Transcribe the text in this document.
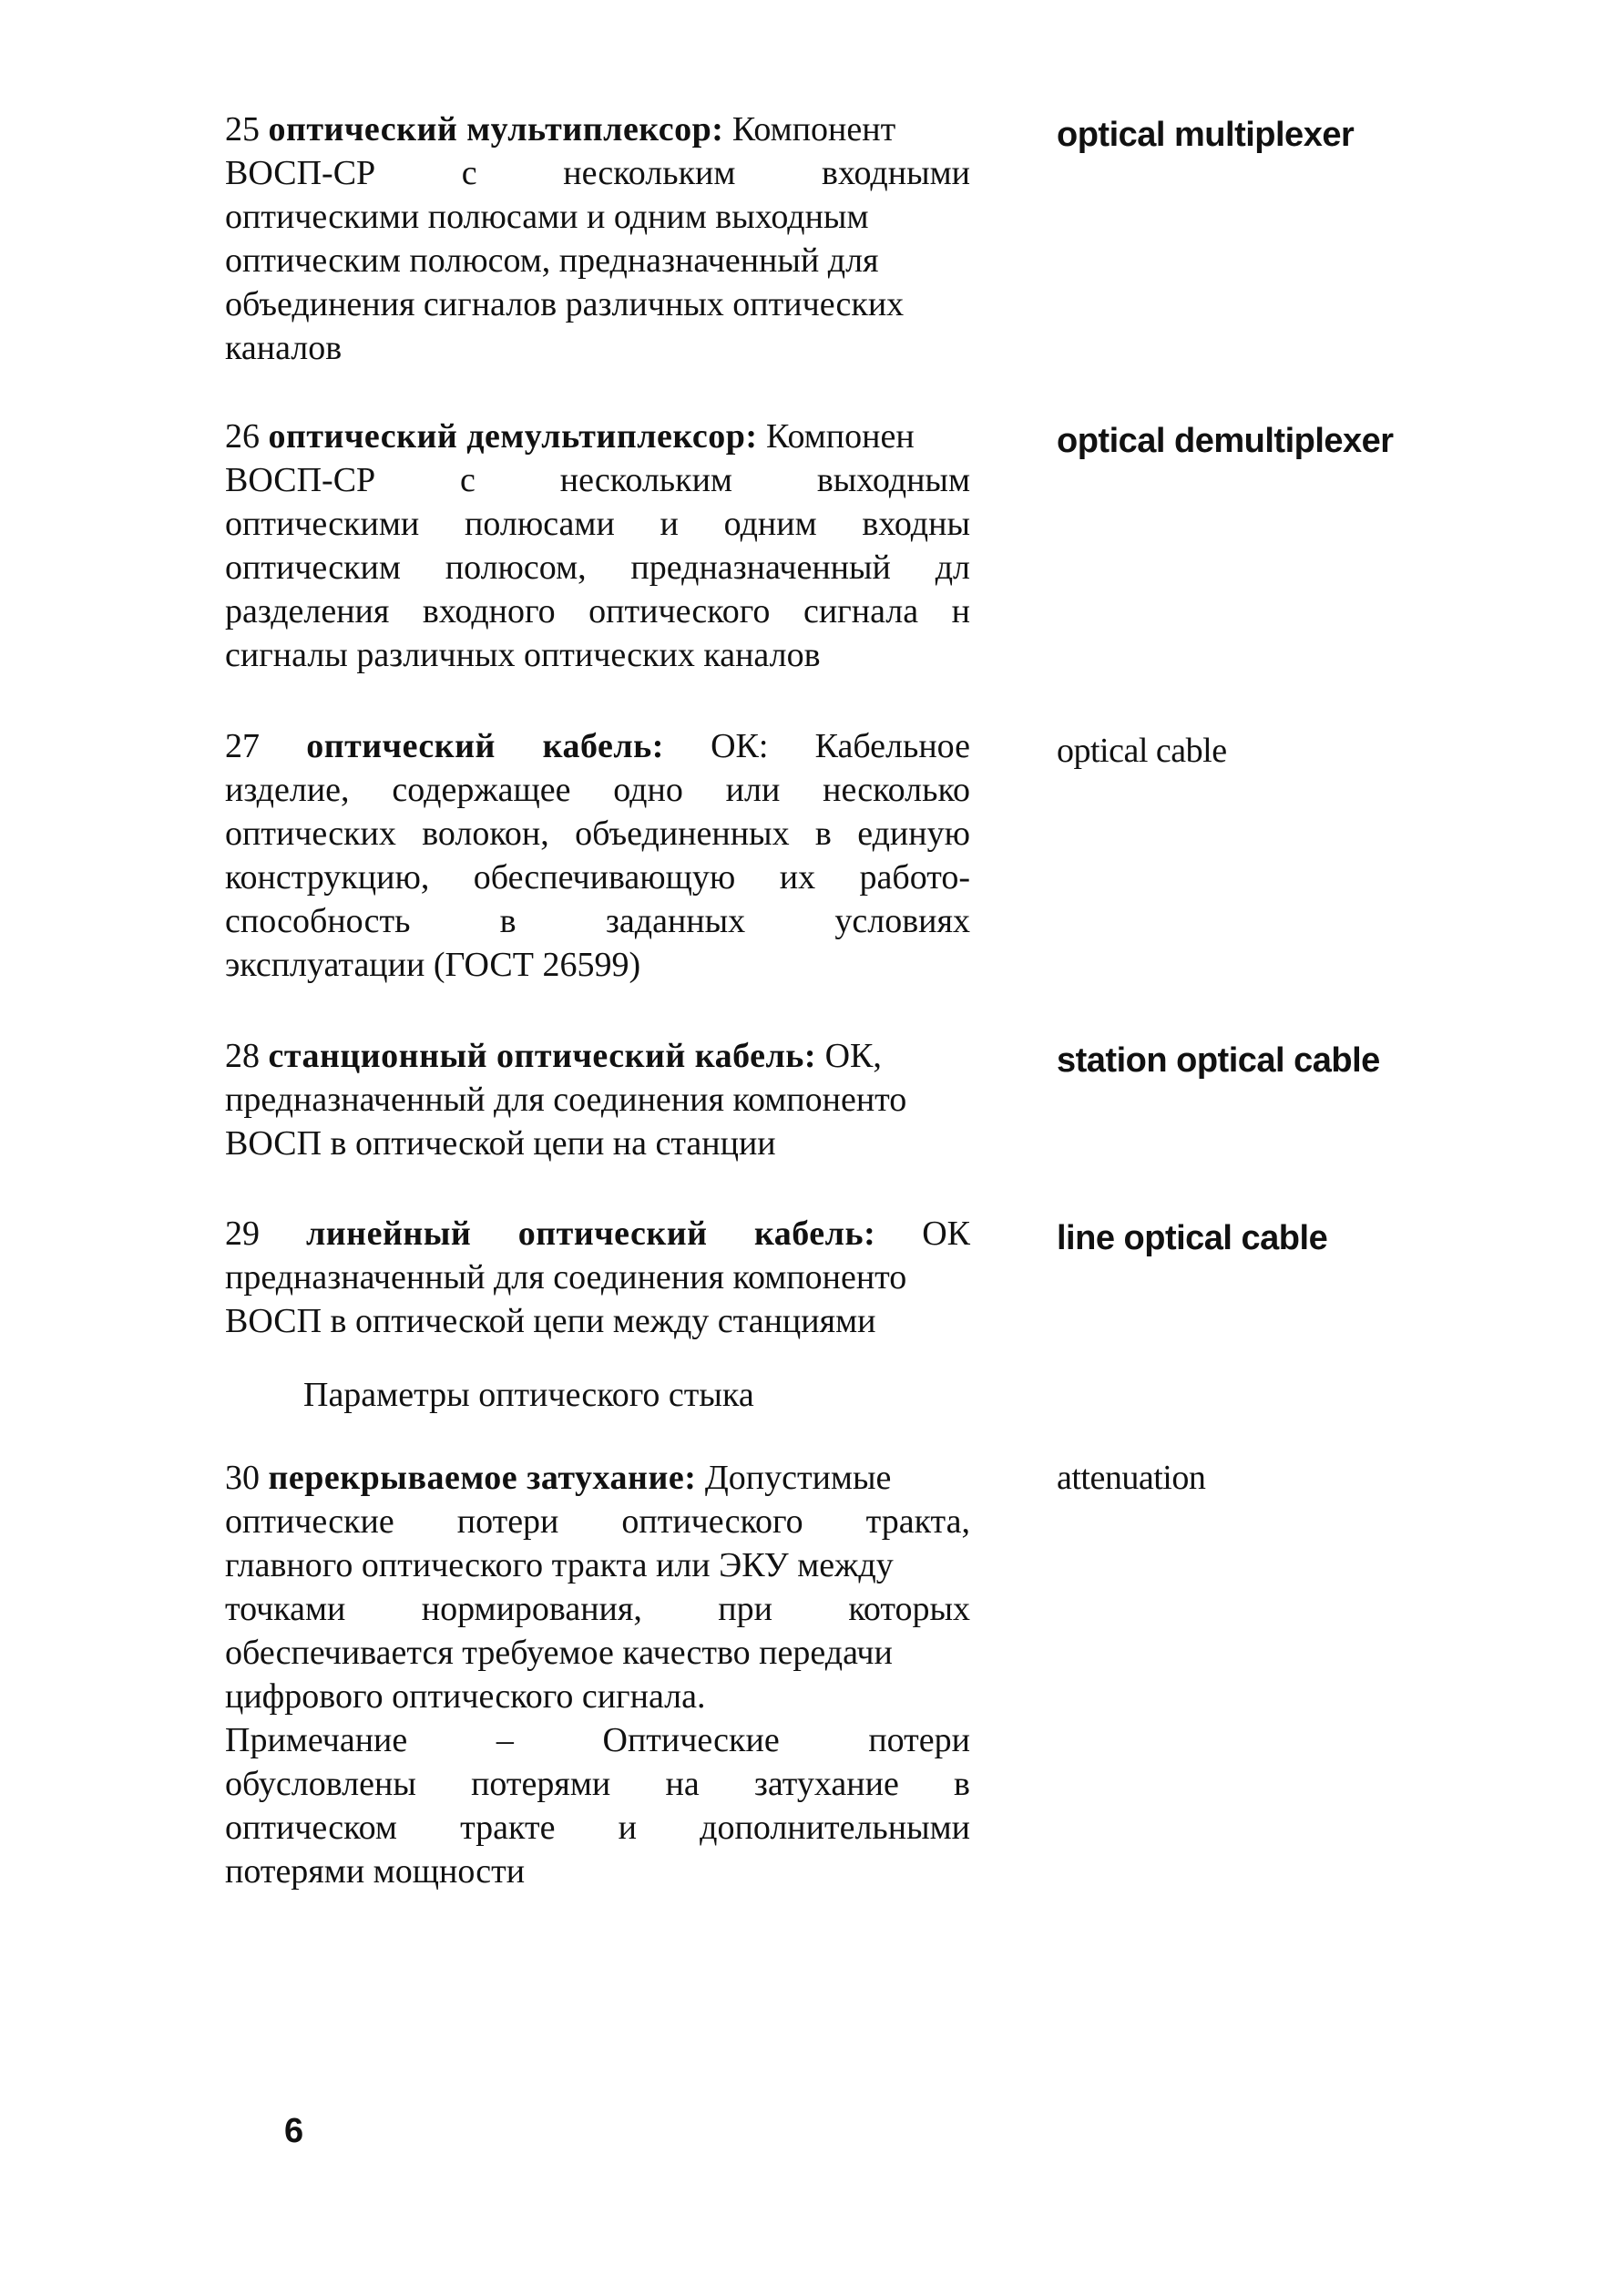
25 оптический мультиплексор: Компонент
ВОСП-СР с нескольким входными
оптическими полюсами и одним выходным
оптическим полюсом, предназначенный для
объединения сигналов различных оптических
каналов
optical multiplexer
26 оптический демультиплексор: Компонен
ВОСП-СР с нескольким выходным
оптическими полюсами и одним входны
оптическим полюсом, предназначенный дл
разделения входного оптического сигнала н
сигналы различных оптических каналов
optical demultiplexer
27 оптический кабель: ОК: Кабельное
изделие, содержащее одно или несколько
оптических волокон, объединенных в единую
конструкцию, обеспечивающую их работо-
способность в заданных условиях
эксплуатации (ГОСТ 26599)
optical cable
28 станционный оптический кабель: ОК,
предназначенный для соединения компоненто
ВОСП в оптической цепи на станции
station optical cable
29 линейный оптический кабель: ОК
предназначенный для соединения компоненто
ВОСП в оптической цепи между станциями
line optical cable
Параметры оптического стыка
30 перекрываемое затухание: Допустимые
оптические потери оптического тракта,
главного оптического тракта или ЭКУ между
точками нормирования, при которых
обеспечивается требуемое качество передачи
цифрового оптического сигнала.
Примечание – Оптические потери
обусловлены потерями на затухание в
оптическом тракте и дополнительными
потерями мощности
attenuation
6
